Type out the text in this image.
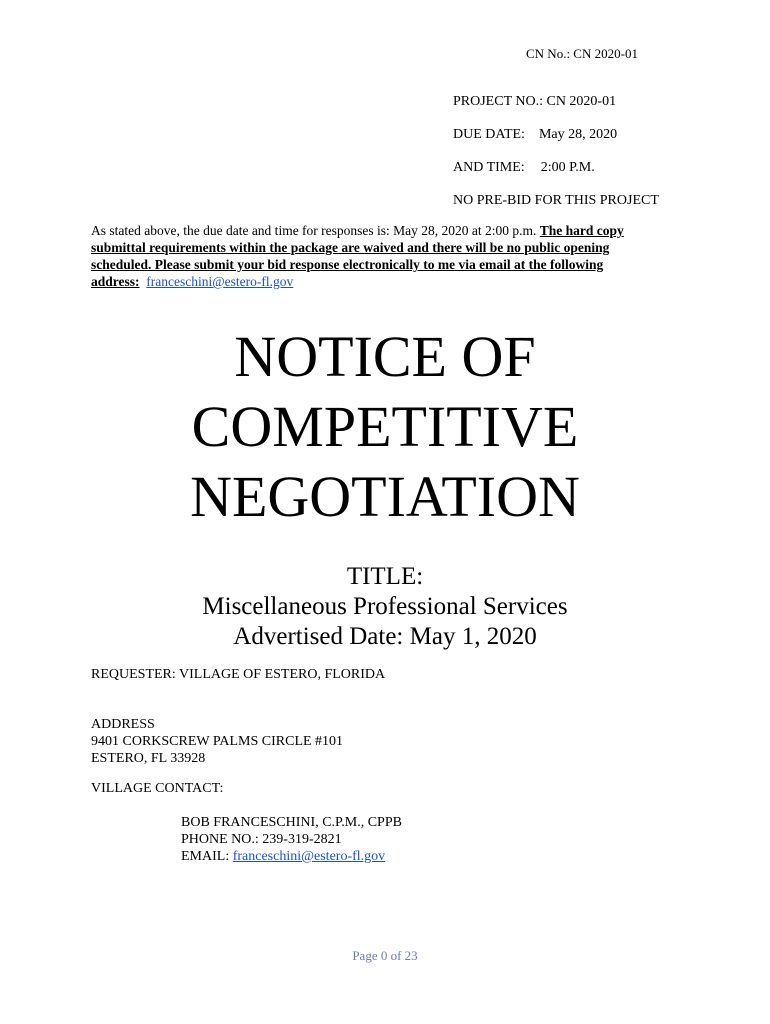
CN No.: CN 2020-01
PROJECT NO.: CN 2020-01
DUE DATE: May 28, 2020
AND TIME: 2:00 P.M.
NO PRE-BID FOR THIS PROJECT
As stated above, the due date and time for responses is: May 28, 2020 at 2:00 p.m. The hard copy submittal requirements within the package are waived and there will be no public opening scheduled. Please submit your bid response electronically to me via email at the following address: franceschini@estero-fl.gov
NOTICE OF
COMPETITIVE
NEGOTIATION
TITLE:
Miscellaneous Professional Services
Advertised Date: May 1, 2020
REQUESTER: VILLAGE OF ESTERO, FLORIDA
ADDRESS
9401 CORKSCREW PALMS CIRCLE #101
ESTERO, FL 33928
VILLAGE CONTACT:
BOB FRANCESCHINI, C.P.M., CPPB
PHONE NO.: 239-319-2821
EMAIL: franceschini@estero-fl.gov
Page 0 of 23
